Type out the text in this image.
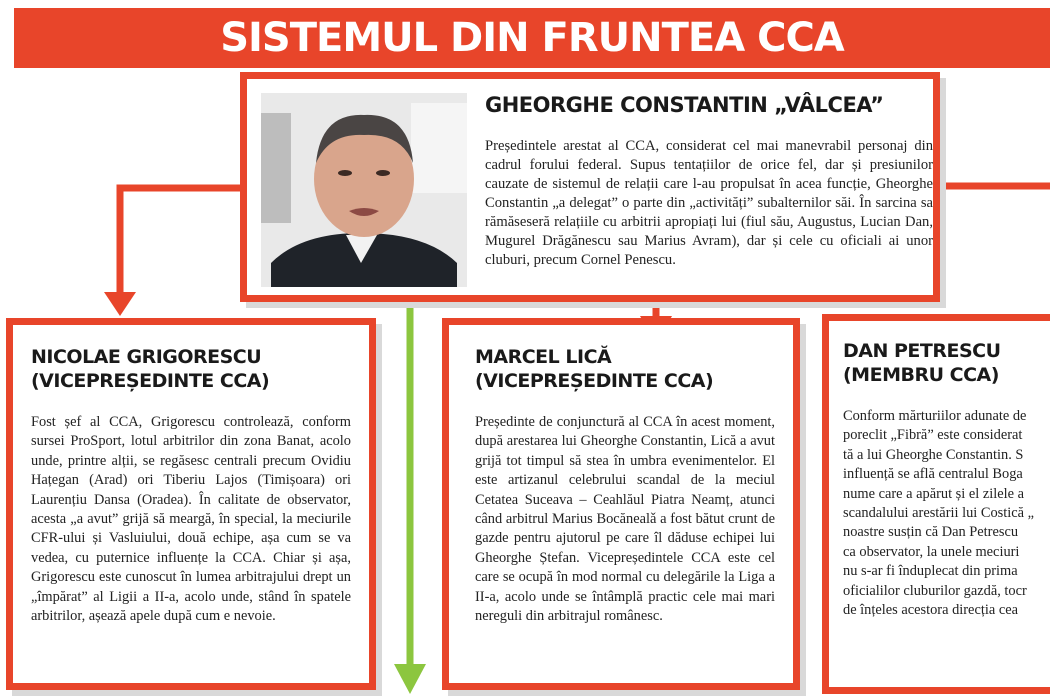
SISTEMUL DIN FRUNTEA CCA
GHEORGHE CONSTANTIN „VÂLCEA”
Președintele arestat al CCA, considerat cel mai manevrabil personaj din cadrul forului federal. Supus tentațiilor de orice fel, dar și presiunilor cauzate de sistemul de relații care l-au propulsat în acea funcție, Gheorghe Constantin „a delegat” o parte din „activități” subalternilor săi. În sarcina sa rămăseseră relațiile cu arbitrii apropiați lui (fiul său, Augustus, Lucian Dan, Mugurel Drăgănescu sau Marius Avram), dar și cele cu oficiali ai unor cluburi, precum Cornel Penescu.
NICOLAE GRIGORESCU
(VICEPREȘEDINTE CCA)
Fost șef al CCA, Grigorescu controlează, conform sursei ProSport, lotul arbitrilor din zona Banat, acolo unde, printre alții, se regăsesc centrali precum Ovidiu Hațegan (Arad) ori Tiberiu Lajos (Timișoara) ori Laurențiu Dansa (Oradea). În calitate de observator, acesta „a avut” grijă să meargă, în special, la meciurile CFR-ului și Vasluiului, două echipe, așa cum se va vedea, cu puternice influențe la CCA. Chiar și așa, Grigorescu este cunoscut în lumea arbitrajului drept un „împărat” al Ligii a II-a, acolo unde, stând în spatele arbitrilor, așează apele după cum e nevoie.
MARCEL LICĂ
(VICEPREȘEDINTE CCA)
Președinte de conjunctură al CCA în acest moment, după arestarea lui Gheorghe Constantin, Lică a avut grijă tot timpul să stea în umbra evenimentelor. El este artizanul celebrului scandal de la meciul Cetatea Suceava – Ceahlăul Piatra Neamț, atunci când arbitrul Marius Bocănealǎ a fost bătut crunt de gazde pentru ajutorul pe care îl dăduse echipei lui Gheorghe Ștefan. Vicepreședintele CCA este cel care se ocupă în mod normal cu delegările la Liga a II-a, acolo unde se întâmplă practic cele mai mari nereguli din arbitrajul românesc.
DAN PETRESCU
(MEMBRU CCA)
Conform mărturiilor adunate de
poreclit „Fibră” este considerat
tă a lui Gheorghe Constantin. S
influență se află centralul Boga
nume care a apărut și el zilele a
scandalului arestării lui Costică „
noastre susțin că Dan Petrescu
ca observator, la unele meciuri
nu s-ar fi înduplecat din prima
oficialilor cluburilor gazdă, tocr
de înțeles acestora direcția cea
